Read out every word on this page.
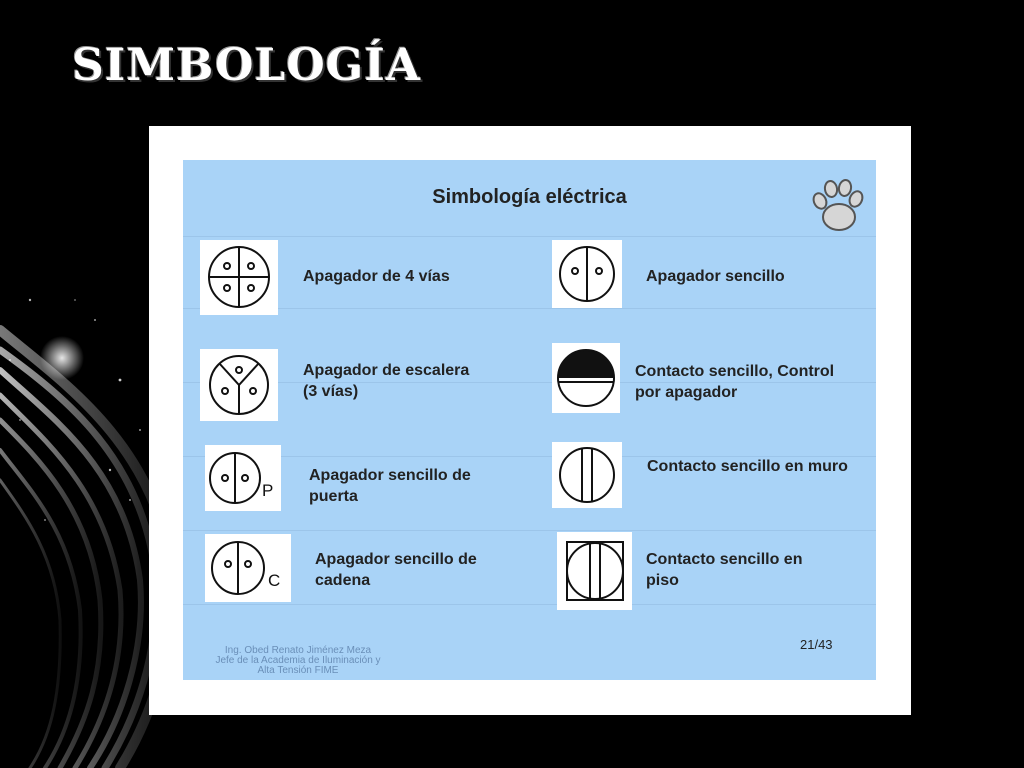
SIMBOLOGÍA
Simbología eléctrica
Apagador de 4 vías
Apagador de escalera
(3 vías)
P
Apagador sencillo de
puerta
C
Apagador sencillo de
cadena
Apagador sencillo
Contacto sencillo, Control
por apagador
Contacto sencillo en muro
Contacto sencillo en
piso
Ing. Obed Renato Jiménez Meza
Jefe de la Academia de Iluminación y
Alta Tensión FIME
21/43
